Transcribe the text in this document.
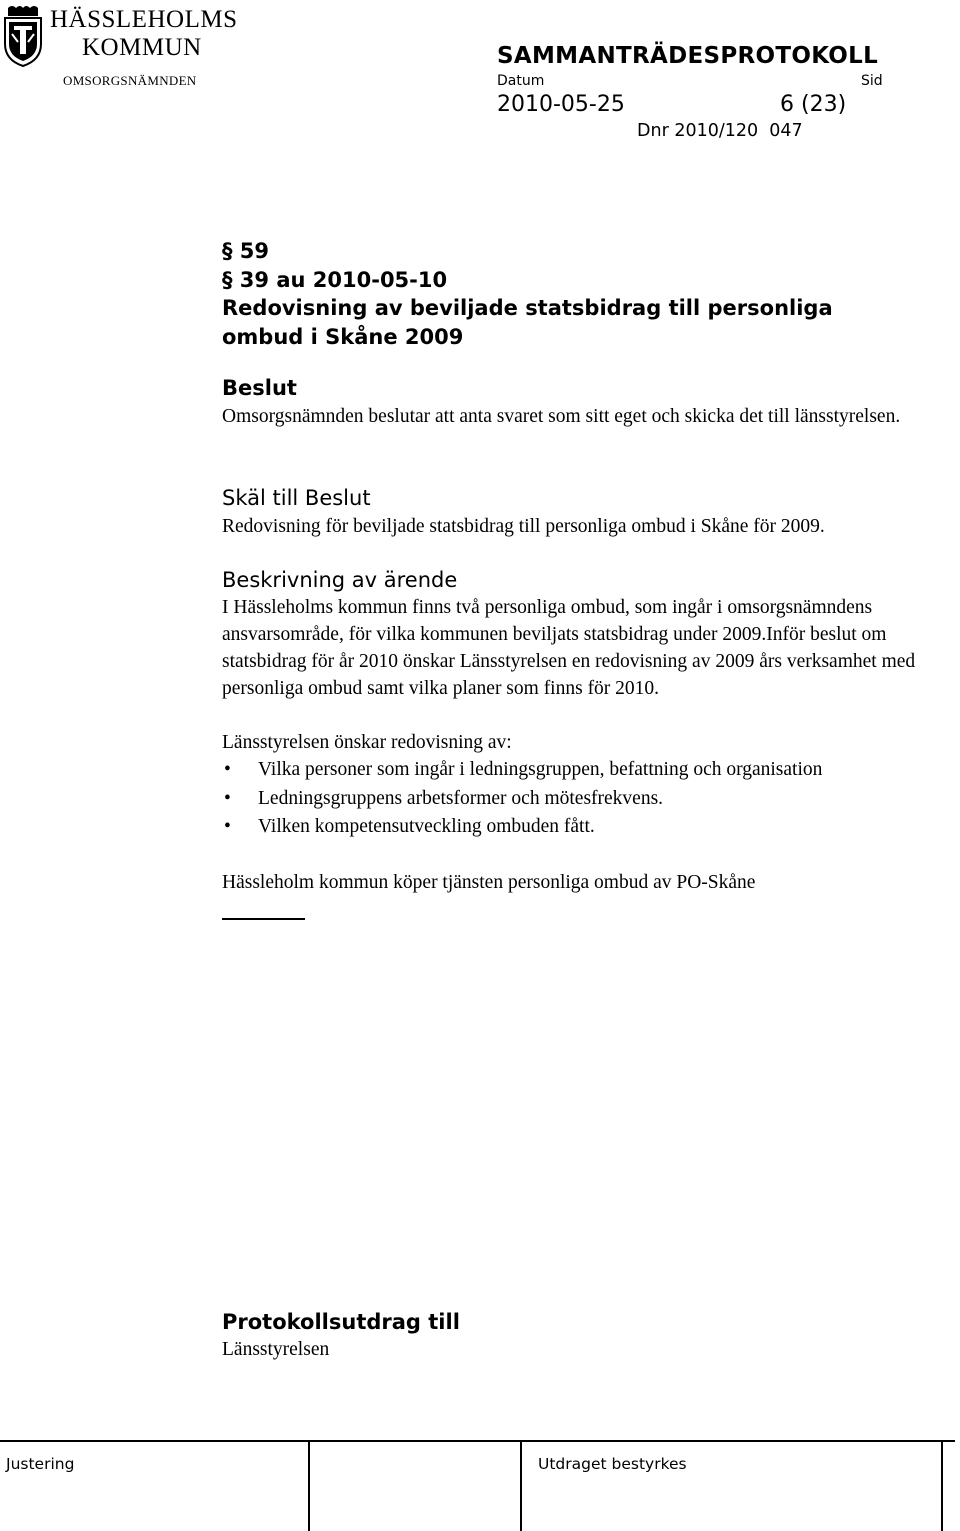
HÄSSLEHOLMS
KOMMUN
OMSORGSNÄMNDEN
SAMMANTRÄDESPROTOKOLL
Datum	Sid
2010-05-25	6 (23)
Dnr 2010/120  047
§ 59
§ 39 au 2010-05-10
Redovisning av beviljade statsbidrag till personliga
ombud i Skåne 2009
Beslut
Omsorgsnämnden beslutar att anta svaret som sitt eget och skicka det till länsstyrelsen.
Skäl till Beslut
Redovisning för beviljade statsbidrag till personliga ombud i Skåne för 2009.
Beskrivning av ärende
I Hässleholms kommun finns två personliga ombud, som ingår i omsorgsnämndens ansvarsområde, för vilka kommunen beviljats statsbidrag under 2009.Inför beslut om statsbidrag för år 2010 önskar Länsstyrelsen en redovisning av 2009 års verksamhet med personliga ombud samt vilka planer som finns för 2010.
Länsstyrelsen önskar redovisning av:
• Vilka personer som ingår i ledningsgruppen, befattning och organisation
• Ledningsgruppens arbetsformer och mötesfrekvens.
• Vilken kompetensutveckling ombuden fått.
Hässleholm kommun köper tjänsten personliga ombud av PO-Skåne
Protokollsutdrag till
Länsstyrelsen
Justering	Utdraget bestyrkes
